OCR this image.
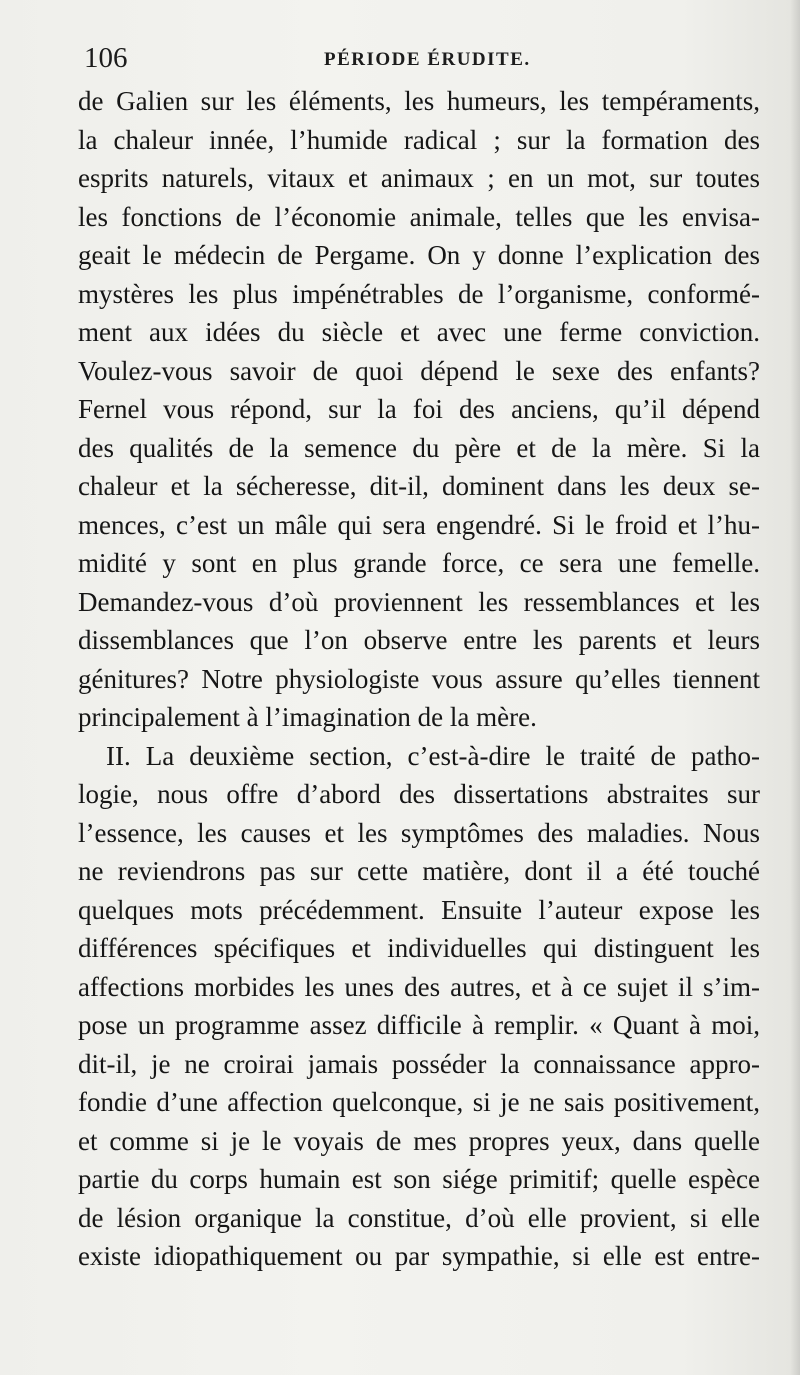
106	PÉRIODE ÉRUDITE.
de Galien sur les éléments, les humeurs, les tempéraments,
la chaleur innée, l’humide radical ; sur la formation des
esprits naturels, vitaux et animaux ; en un mot, sur toutes
les fonctions de l’économie animale, telles que les envisa-
geait le médecin de Pergame. On y donne l’explication des
mystères les plus impénétrables de l’organisme, conformé-
ment aux idées du siècle et avec une ferme conviction.
Voulez-vous savoir de quoi dépend le sexe des enfants?
Fernel vous répond, sur la foi des anciens, qu’il dépend
des qualités de la semence du père et de la mère. Si la
chaleur et la sécheresse, dit-il, dominent dans les deux se-
mences, c’est un mâle qui sera engendré. Si le froid et l’hu-
midité y sont en plus grande force, ce sera une femelle.
Demandez-vous d’où proviennent les ressemblances et les
dissemblances que l’on observe entre les parents et leurs
génitures? Notre physiologiste vous assure qu’elles tiennent
principalement à l’imagination de la mère.
II. La deuxième section, c’est-à-dire le traité de patho-
logie, nous offre d’abord des dissertations abstraites sur
l’essence, les causes et les symptômes des maladies. Nous
ne reviendrons pas sur cette matière, dont il a été touché
quelques mots précédemment. Ensuite l’auteur expose les
différences spécifiques et individuelles qui distinguent les
affections morbides les unes des autres, et à ce sujet il s’im-
pose un programme assez difficile à remplir. « Quant à moi,
dit-il, je ne croirai jamais posséder la connaissance appro-
fondie d’une affection quelconque, si je ne sais positivement,
et comme si je le voyais de mes propres yeux, dans quelle
partie du corps humain est son siége primitif; quelle espèce
de lésion organique la constitue, d’où elle provient, si elle
existe idiopathiquement ou par sympathie, si elle est entre-
